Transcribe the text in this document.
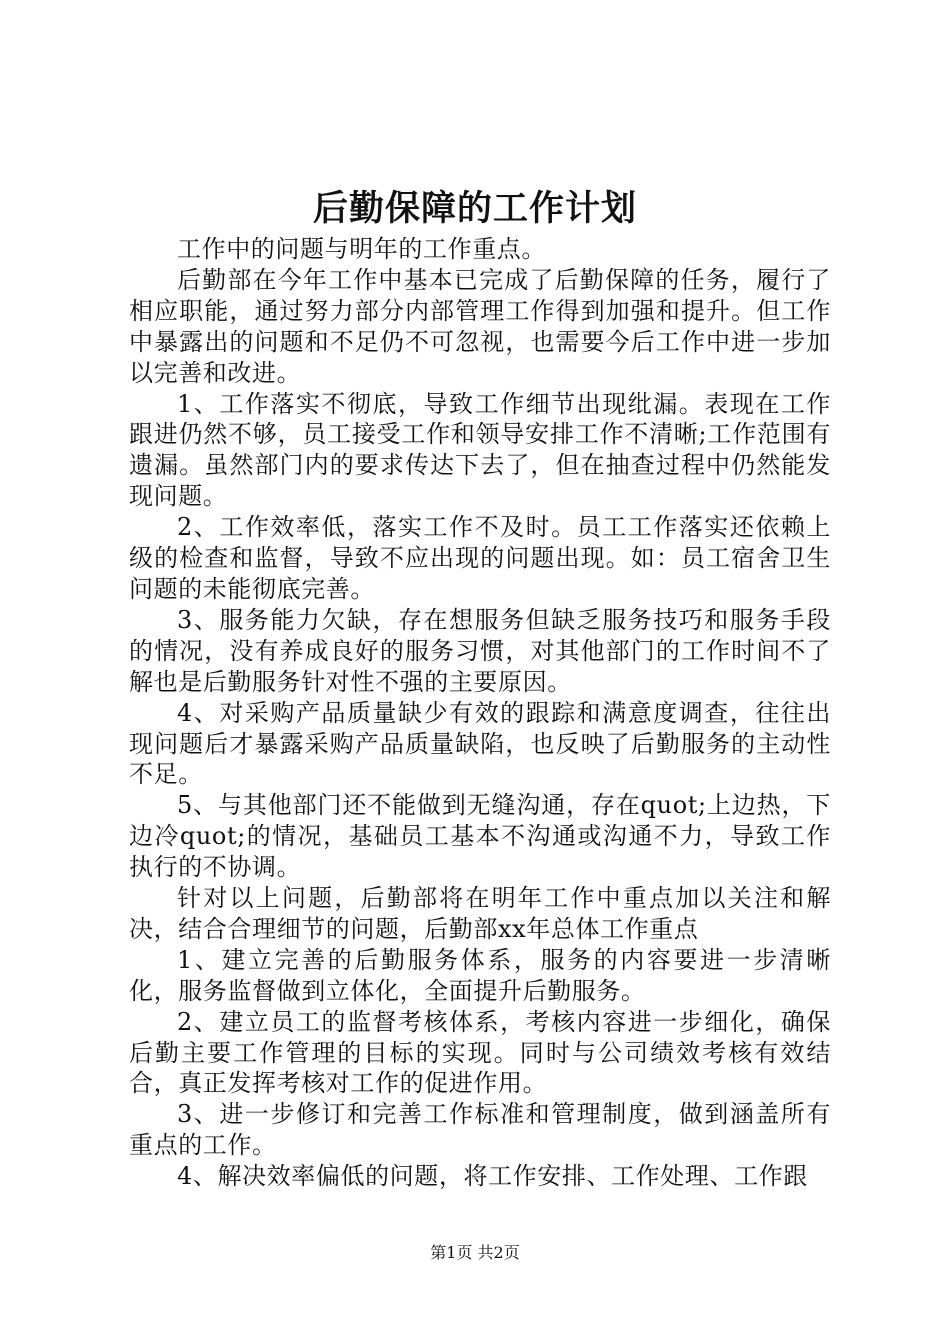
后勤保障的工作计划

工作中的问题与明年的工作重点。

后勤部在今年工作中基本已完成了后勤保障的任务，履行了相应职能，通过努力部分内部管理工作得到加强和提升。但工作中暴露出的问题和不足仍不可忽视，也需要今后工作中进一步加以完善和改进。

1、工作落实不彻底，导致工作细节出现纰漏。表现在工作跟进仍然不够，员工接受工作和领导安排工作不清晰;工作范围有遗漏。虽然部门内的要求传达下去了，但在抽查过程中仍然能发现问题。

2、工作效率低，落实工作不及时。员工工作落实还依赖上级的检查和监督，导致不应出现的问题出现。如：员工宿舍卫生问题的未能彻底完善。

3、服务能力欠缺，存在想服务但缺乏服务技巧和服务手段的情况，没有养成良好的服务习惯，对其他部门的工作时间不了解也是后勤服务针对性不强的主要原因。

4、对采购产品质量缺少有效的跟踪和满意度调查，往往出现问题后才暴露采购产品质量缺陷，也反映了后勤服务的主动性不足。

5、与其他部门还不能做到无缝沟通，存在quot;上边热，下边冷quot;的情况，基础员工基本不沟通或沟通不力，导致工作执行的不协调。

针对以上问题，后勤部将在明年工作中重点加以关注和解决，结合合理细节的问题，后勤部xx年总体工作重点

1、建立完善的后勤服务体系，服务的内容要进一步清晰化，服务监督做到立体化，全面提升后勤服务。

2、建立员工的监督考核体系，考核内容进一步细化，确保后勤主要工作管理的目标的实现。同时与公司绩效考核有效结合，真正发挥考核对工作的促进作用。

3、进一步修订和完善工作标准和管理制度，做到涵盖所有重点的工作。

4、解决效率偏低的问题，将工作安排、工作处理、工作跟

第1页 共2页
